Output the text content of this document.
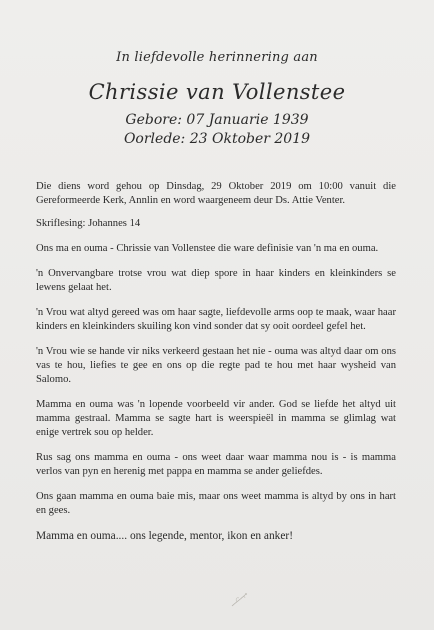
In liefdevolle herinnering aan
Chrissie van Vollenstee
Gebore: 07 Januarie 1939
Oorlede: 23 Oktober 2019

Die diens word gehou op Dinsdag, 29 Oktober 2019 om 10:00 vanuit die Gereformeerde Kerk, Annlin en word waargeneem deur Ds. Attie Venter.

Skriflesing: Johannes 14

Ons ma en ouma - Chrissie van Vollenstee die ware definisie van 'n ma en ouma.

'n Onvervangbare trotse vrou wat diep spore in haar kinders en kleinkinders se lewens gelaat het.

'n Vrou wat altyd gereed was om haar sagte, liefdevolle arms oop te maak, waar haar kinders en kleinkinders skuiling kon vind sonder dat sy ooit oordeel gefel het.

'n Vrou wie se hande vir niks verkeerd gestaan het nie - ouma was altyd daar om ons vas te hou, liefies te gee en ons op die regte pad te hou met haar wysheid van Salomo.

Mamma en ouma was 'n lopende voorbeeld vir ander. God se liefde het altyd uit mamma gestraal. Mamma se sagte hart is weerspieël in mamma se glimlag wat enige vertrek sou op helder.

Rus sag ons mamma en ouma - ons weet daar waar mamma nou is - is mamma verlos van pyn en herenig met pappa en mamma se ander geliefdes.

Ons gaan mamma en ouma baie mis, maar ons weet mamma is altyd by ons in hart en gees.

Mamma en ouma.... ons legende, mentor, ikon en anker!
